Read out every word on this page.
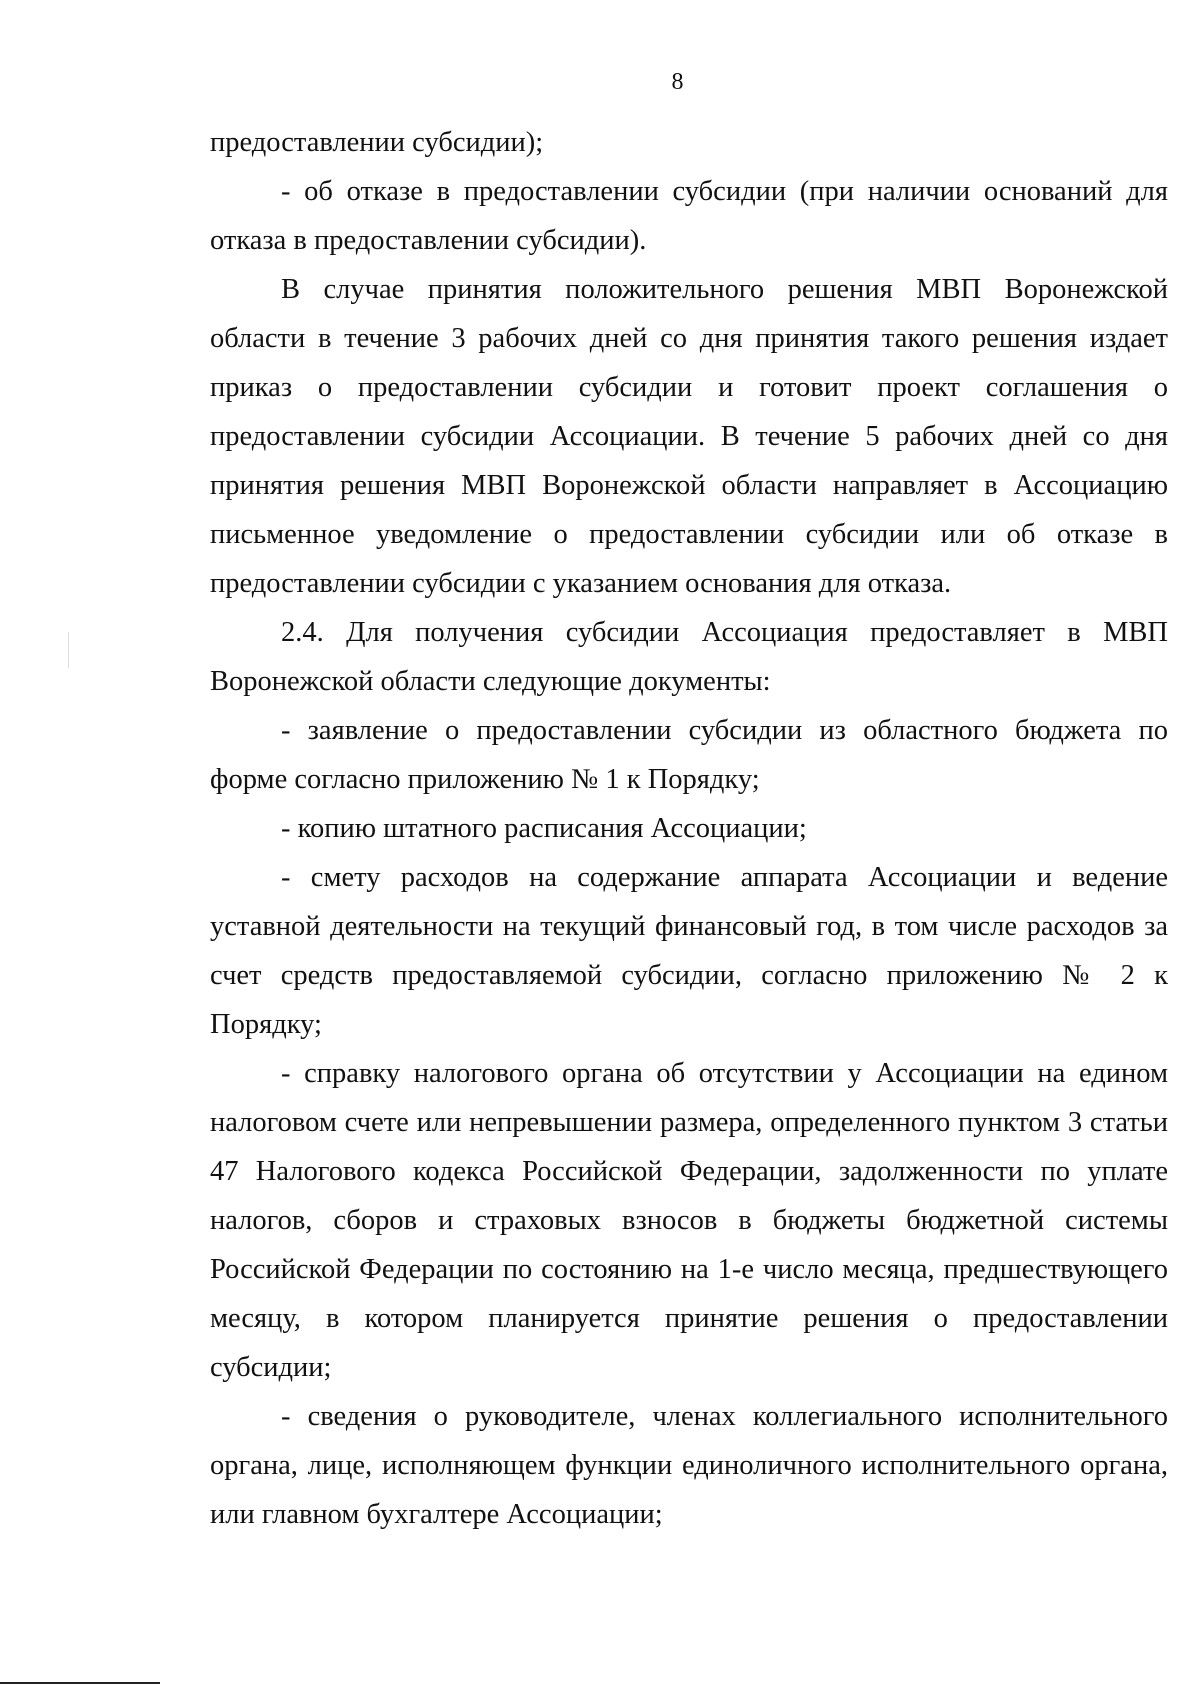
8

предоставлении субсидии);

- об отказе в предоставлении субсидии (при наличии оснований для отказа в предоставлении субсидии).

В случае принятия положительного решения МВП Воронежской области в течение 3 рабочих дней со дня принятия такого решения издает приказ о предоставлении субсидии и готовит проект соглашения о предоставлении субсидии Ассоциации. В течение 5 рабочих дней со дня принятия решения МВП Воронежской области направляет в Ассоциацию письменное уведомление о предоставлении субсидии или об отказе в предоставлении субсидии с указанием основания для отказа.

2.4. Для получения субсидии Ассоциация предоставляет в МВП Воронежской области следующие документы:

- заявление о предоставлении субсидии из областного бюджета по форме согласно приложению № 1 к Порядку;

- копию штатного расписания Ассоциации;

- смету расходов на содержание аппарата Ассоциации и ведение уставной деятельности на текущий финансовый год, в том числе расходов за счет средств предоставляемой субсидии, согласно приложению № 2 к Порядку;

- справку налогового органа об отсутствии у Ассоциации на едином налоговом счете или непревышении размера, определенного пунктом 3 статьи 47 Налогового кодекса Российской Федерации, задолженности по уплате налогов, сборов и страховых взносов в бюджеты бюджетной системы Российской Федерации по состоянию на 1-е число месяца, предшествующего месяцу, в котором планируется принятие решения о предоставлении субсидии;

- сведения о руководителе, членах коллегиального исполнительного органа, лице, исполняющем функции единоличного исполнительного органа, или главном бухгалтере Ассоциации;
